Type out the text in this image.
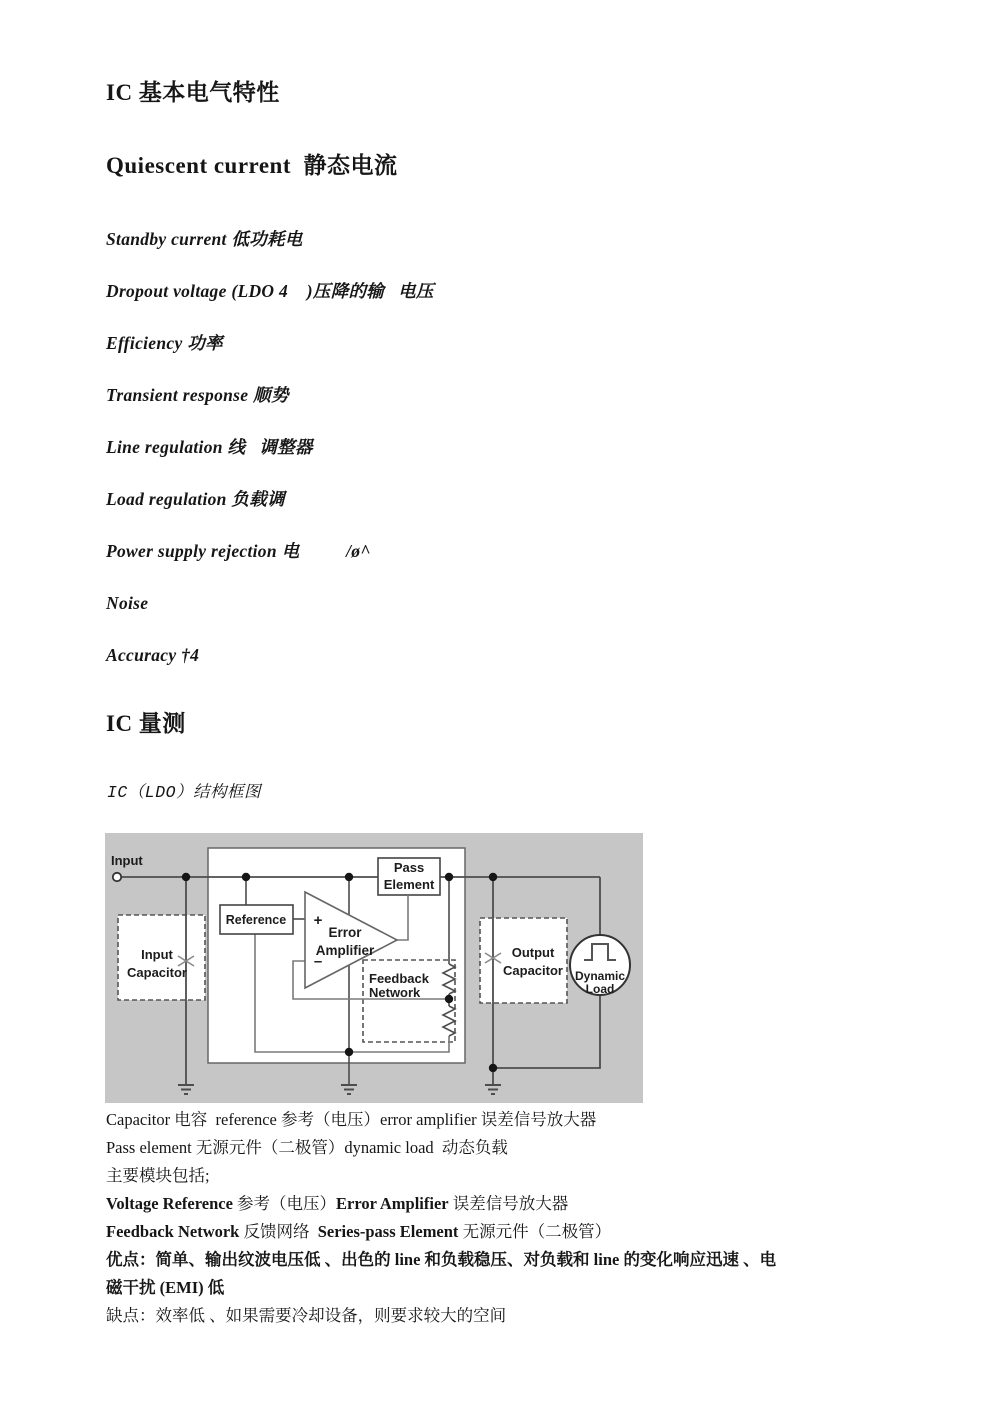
IC 基本电气特性
Quiescent current  静态电流
Standby current 低功耗电
Dropout voltage (LDO 4    )压降的输   电压
Efficiency 功率
Transient response 顺势
Line regulation 线   调整器
Load regulation 负载调
Power supply rejection 电          /ø^
Noise
Accuracy †4
IC 量测
IC（LDO）结构框图
Input
Input
Capacitor
Reference +
–
Error
Amplifier
Pass
Element
Feedback
Network
Output
Capacitor Dynamic
Load
Capacitor 电容  reference 参考（电压）error amplifier 误差信号放大器
Pass element 无源元件（二极管）dynamic load  动态负载
主要模块包括;
Voltage Reference 参考（电压）Error Amplifier 误差信号放大器
Feedback Network 反馈网络  Series-pass Element 无源元件（二极管）
优点：简单、输出纹波电压低 、出色的 line 和负载稳压、对负载和 line 的变化响应迅速 、电
磁干扰 (EMI) 低
缺点：效率低 、如果需要冷却设备，则要求较大的空间
